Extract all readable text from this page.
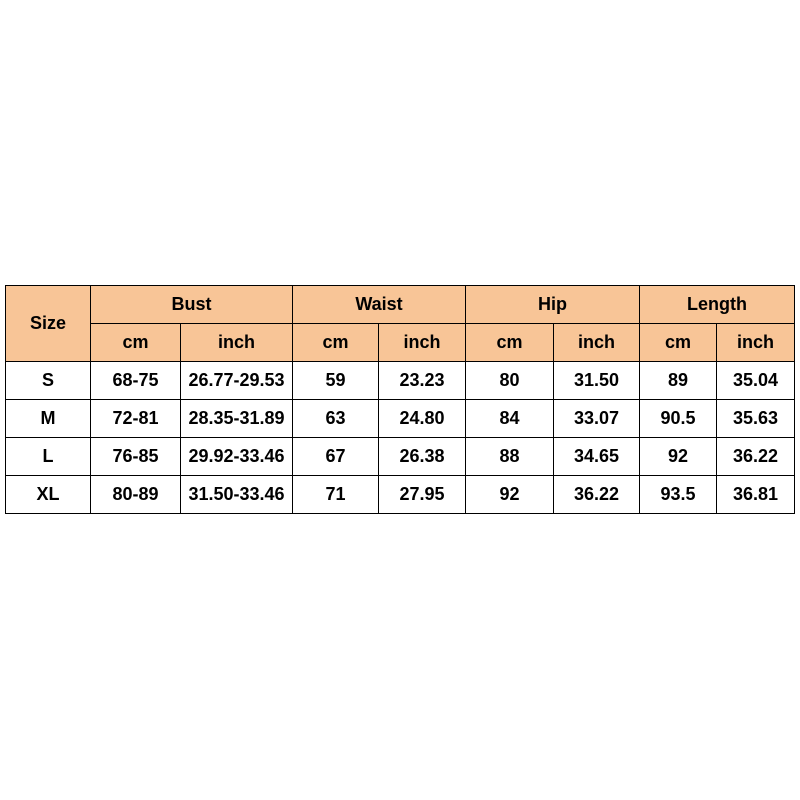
Size	Bust		Waist		Hip		Length	
	cm	inch	cm	inch	cm	inch	cm	inch
S	68-75	26.77-29.53	59	23.23	80	31.50	89	35.04
M	72-81	28.35-31.89	63	24.80	84	33.07	90.5	35.63
L	76-85	29.92-33.46	67	26.38	88	34.65	92	36.22
XL	80-89	31.50-33.46	71	27.95	92	36.22	93.5	36.81
